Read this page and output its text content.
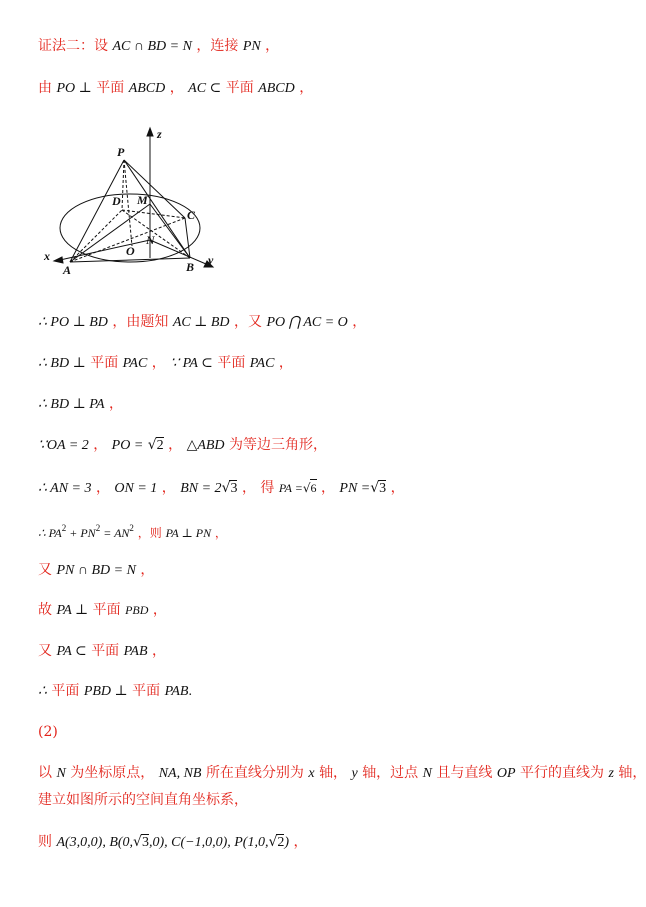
证法二：设 AC ∩ BD = N ，连接 PN ，
由 PO ⊥ 平面 ABCD ， AC ⊂ 平面 ABCD ，
P
z
D M
C
N
O
x
A	B y
∴ PO ⊥ BD ，由题知 AC ⊥ BD ，又 PO ⋂ AC = O ，
∴ BD ⊥ 平面 PAC ， ∵ PA ⊂ 平面 PAC ，
∴ BD ⊥ PA ，
∵OA = 2 ， PO = √2 ， △ABD 为等边三角形，
∴ AN = 3 ， ON = 1 ， BN = 2√3 ， 得 PA =√6 ， PN =√3 ，
∴ $PA^2 + PN^2 = AN^2$ ，则 PA ⊥ PN ，
又 PN ∩ BD = N ，
故 PA ⊥ 平面 PBD ，
又 PA ⊂ 平面 PAB ，
∴ 平面 PBD ⊥ 平面 PAB.
(2)
以 N 为坐标原点， NA, NB 所在直线分别为 x 轴， y 轴，过点 N 且与直线 OP 平行的直线为 z 轴，
建立如图所示的空间直角坐标系，
则 A(3,0,0), B(0,√3,0), C(−1,0,0), P(1,0,√2) ，
